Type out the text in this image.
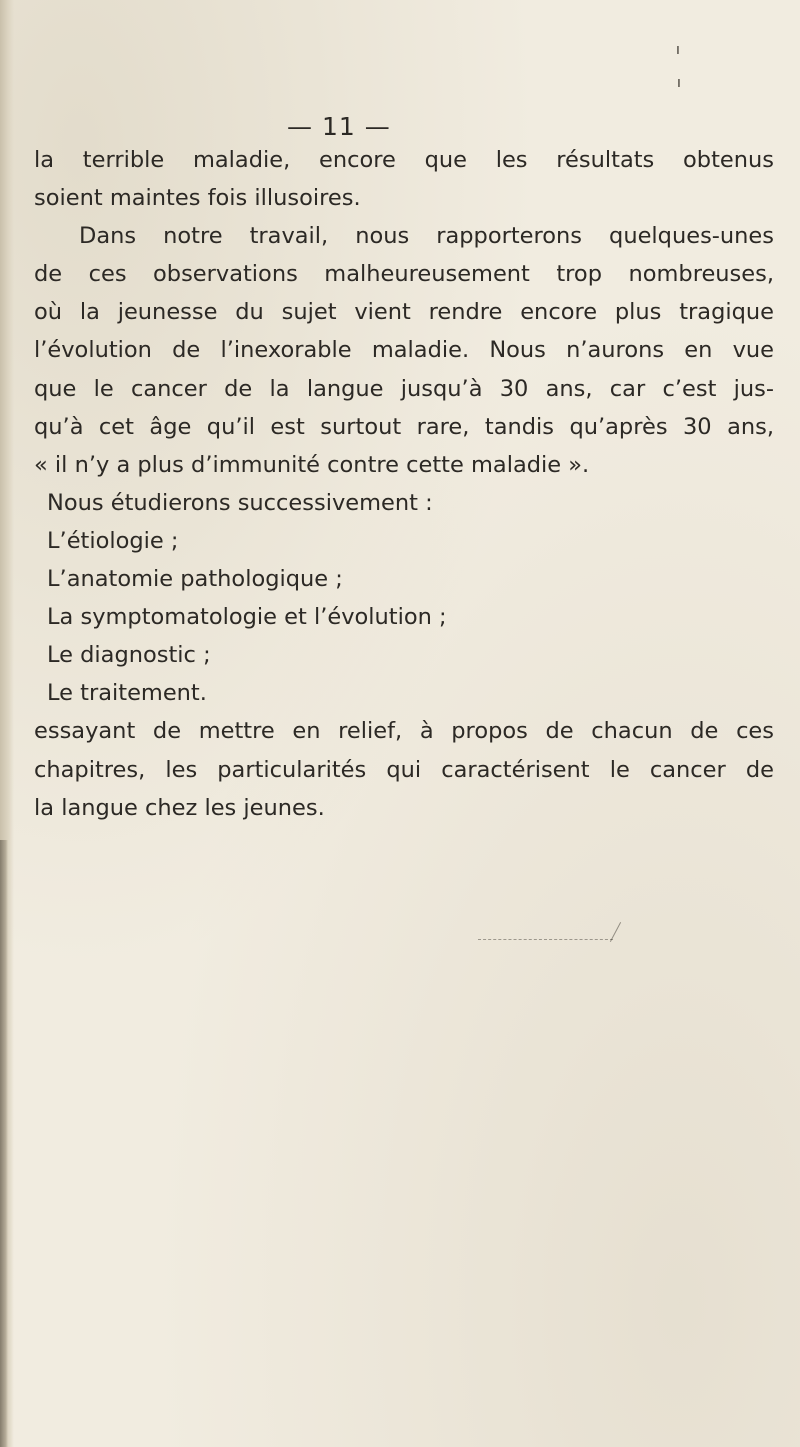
ı
ı
— 11 —
la terrible maladie, encore que les résultats obtenus
soient maintes fois illusoires.
Dans notre travail, nous rapporterons quelques-unes
de ces observations malheureusement trop nombreuses,
où la jeunesse du sujet vient rendre encore plus tragique
l’évolution de l’inexorable maladie. Nous n’aurons en vue
que le cancer de la langue jusqu’à 30 ans, car c’est jus-
qu’à cet âge qu’il est surtout rare, tandis qu’après 30 ans,
« il n’y a plus d’immunité contre cette maladie ».
Nous étudierons successivement :
L’étiologie ;
L’anatomie pathologique ;
La symptomatologie et l’évolution ;
Le diagnostic ;
Le traitement.
essayant de mettre en relief, à propos de chacun de ces
chapitres, les particularités qui caractérisent le cancer de
la langue chez les jeunes.
